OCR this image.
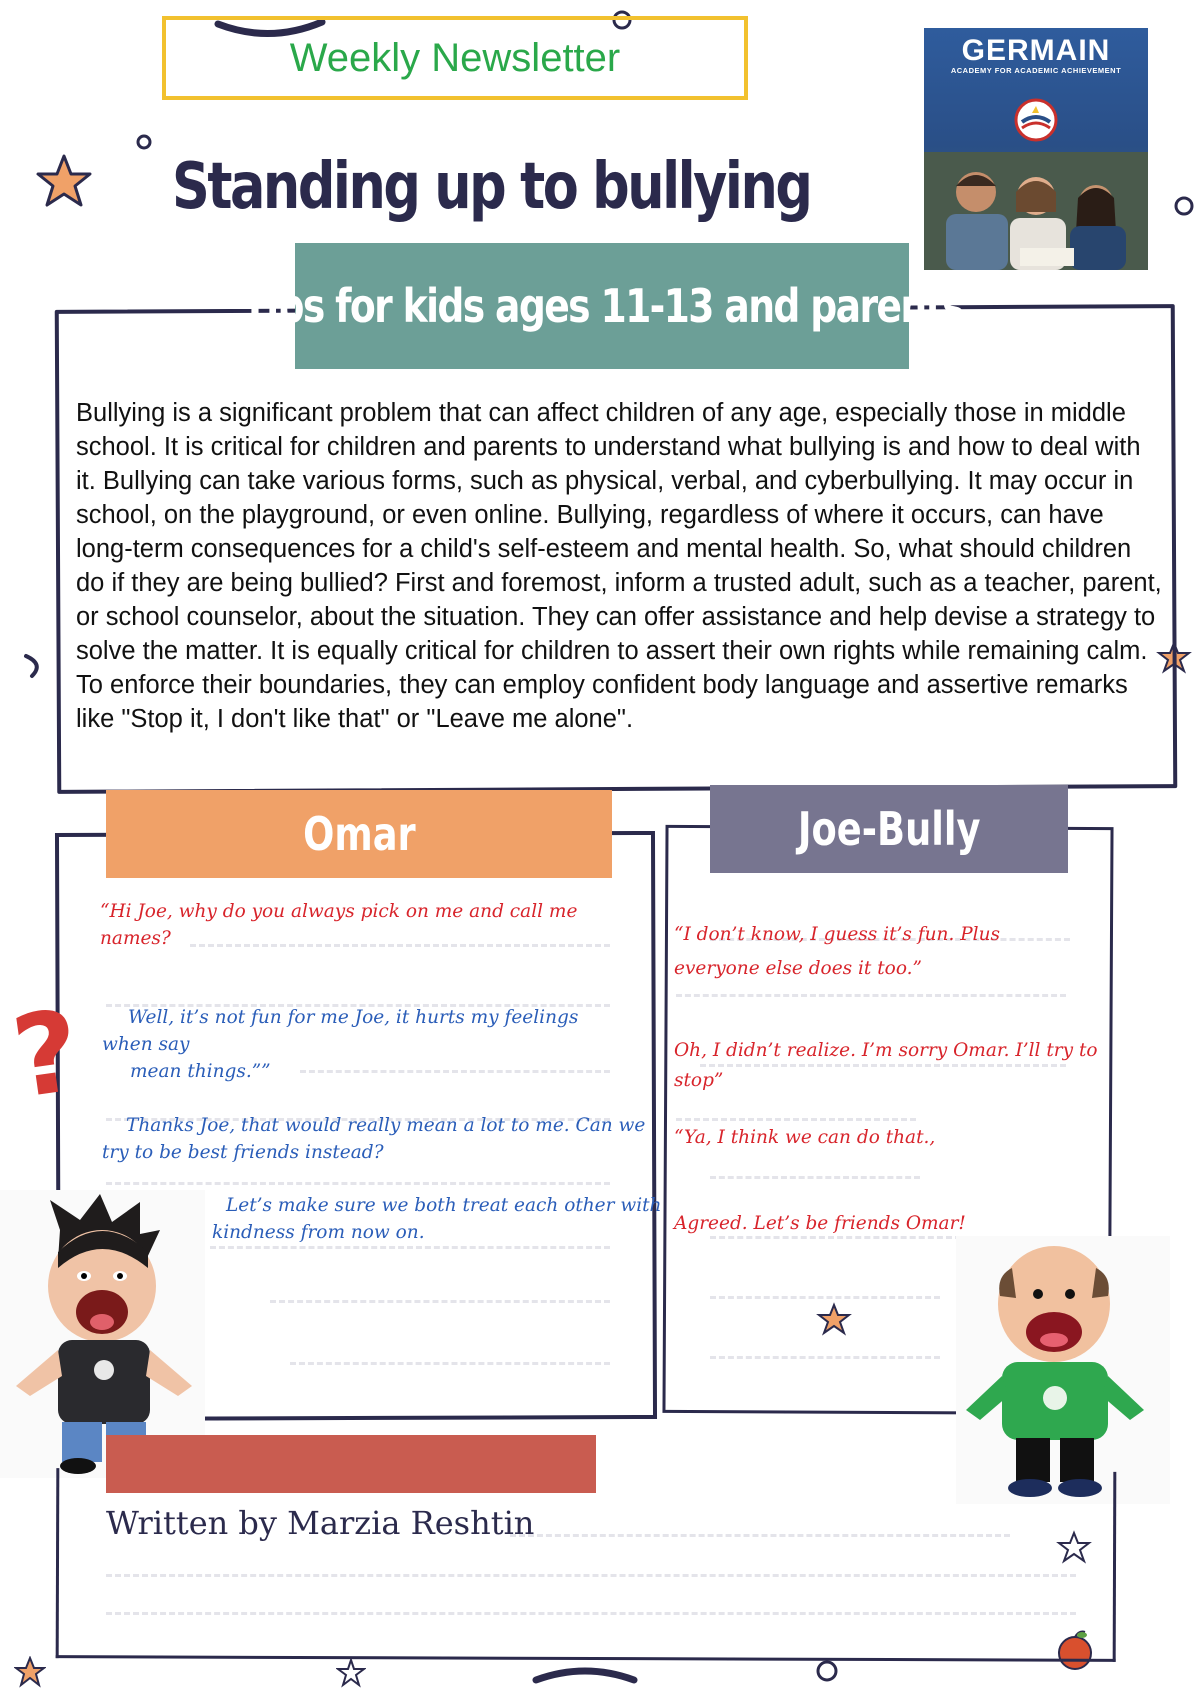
Weekly Newsletter
Standing up to bullying
GERMAIN
ACADEMY FOR ACADEMIC ACHIEVEMENT
Tips for kids ages 11-13 and parents
Bullying is a significant problem that can affect children of any age, especially those in middle school. It is critical for children and parents to understand what bullying is and how to deal with it. Bullying can take various forms, such as physical, verbal, and cyberbullying. It may occur in school, on the playground, or even online. Bullying, regardless of where it occurs, can have long-term consequences for a child's self-esteem and mental health. So, what should children do if they are being bullied? First and foremost, inform a trusted adult, such as a teacher, parent, or school counselor, about the situation. They can offer assistance and help devise a strategy to solve the matter. It is equally critical for children to assert their own rights while remaining calm. To enforce their boundaries, they can employ confident body language and assertive remarks like "Stop it, I don't like that" or "Leave me alone".
Omar	Joe-Bully
“Hi Joe, why do you always pick on me and call me names?
Well, it’s not fun for me Joe, it hurts my feelings when say
mean things.””
Thanks Joe, that would really mean a lot to me. Can we try to be best friends instead?
Let’s make sure we both treat each other with kindness from now on.
“I don’t know, I guess it’s fun. Plus everyone else does it too.”
Oh, I didn’t realize. I’m sorry Omar. I’ll try to stop”
“Ya, I think we can do that.,
Agreed. Let’s be friends Omar!
?
Written by Marzia Reshtin
